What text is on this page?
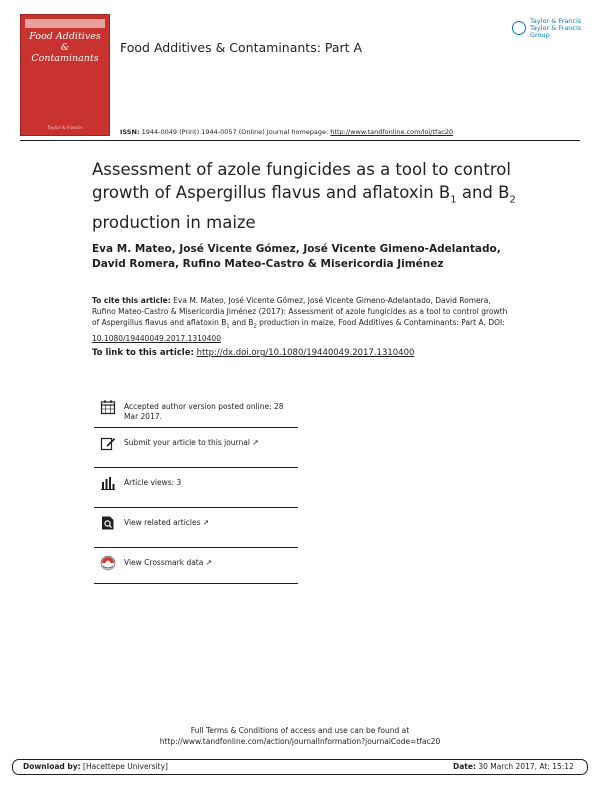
Food Additives
&
Contaminants
Taylor & Francis
Food Additives & Contaminants: Part A
Taylor & Francis
Taylor & Francis Group
ISSN: 1944-0049 (Print) 1944-0057 (Online) Journal homepage: http://www.tandfonline.com/loi/tfac20
Assessment of azole fungicides as a tool to control growth of Aspergillus flavus and aflatoxin $B_1$ and $B_2$ production in maize
Eva M. Mateo, José Vicente Gómez, José Vicente Gimeno-Adelantado, David Romera, Rufino Mateo-Castro & Misericordia Jiménez
To cite this article: Eva M. Mateo, José Vicente Gómez, José Vicente Gimeno-Adelantado, David Romera, Rufino Mateo-Castro & Misericordia Jiménez (2017): Assessment of azole fungicides as a tool to control growth of Aspergillus flavus and aflatoxin $B_1$ and $B_2$ production in maize, Food Additives & Contaminants: Part A, DOI: 10.1080/19440049.2017.1310400
To link to this article: http://dx.doi.org/10.1080/19440049.2017.1310400
Accepted author version posted online: 28 Mar 2017.
Submit your article to this journal ↗
Article views: 3
View related articles ↗
View Crossmark data ↗
Full Terms & Conditions of access and use can be found at
http://www.tandfonline.com/action/journalInformation?journalCode=tfac20
Download by: [Hacettepe University]	Date: 30 March 2017, At: 15:12
